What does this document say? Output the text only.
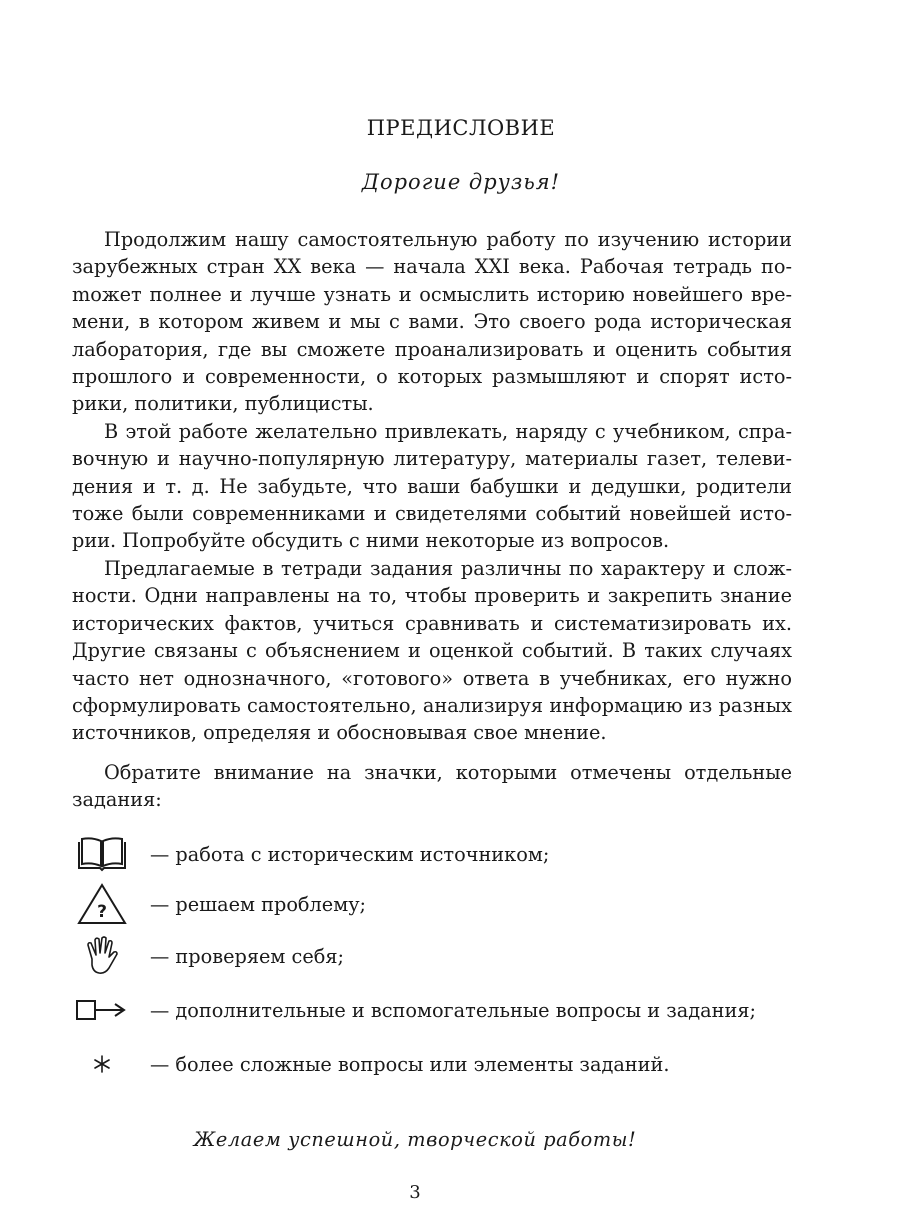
ПРЕДИСЛОВИЕ

Дорогие друзья!

Продолжим нашу самостоятельную работу по изучению истории зарубежных стран XX века — начала XXI века. Рабочая тетрадь поmожет полнее и лучше узнать и осмыслить историю новейшего времени, в котором живем и мы с вами. Это своего рода историческая лаборатория, где вы сможете проанализировать и оценить события прошлого и современности, о которых размышляют и спорят историки, политики, публицисты.

В этой работе желательно привлекать, наряду с учебником, справочную и научно-популярную литературу, материалы газет, телевидения и т. д. Не забудьте, что ваши бабушки и дедушки, родители тоже были современниками и свидетелями событий новейшей истории. Попробуйте обсудить с ними некоторые из вопросов.

Предлагаемые в тетради задания различны по характеру и сложности. Одни направлены на то, чтобы проверить и закрепить знание исторических фактов, учиться сравнивать и систематизировать их. Другие связаны с объяснением и оценкой событий. В таких случаях часто нет однозначного, «готового» ответа в учебниках, его нужно сформулировать самостоятельно, анализируя информацию из разных источников, определяя и обосновывая свое мнение.

Обратите внимание на значки, которыми отмечены отдельные задания:

— работа с историческим источником;
? — решаем проблему;
— проверяем себя;
— дополнительные и вспомогательные вопросы и задания;
— более сложные вопросы или элементы заданий.

Желаем успешной, творческой работы!

3
